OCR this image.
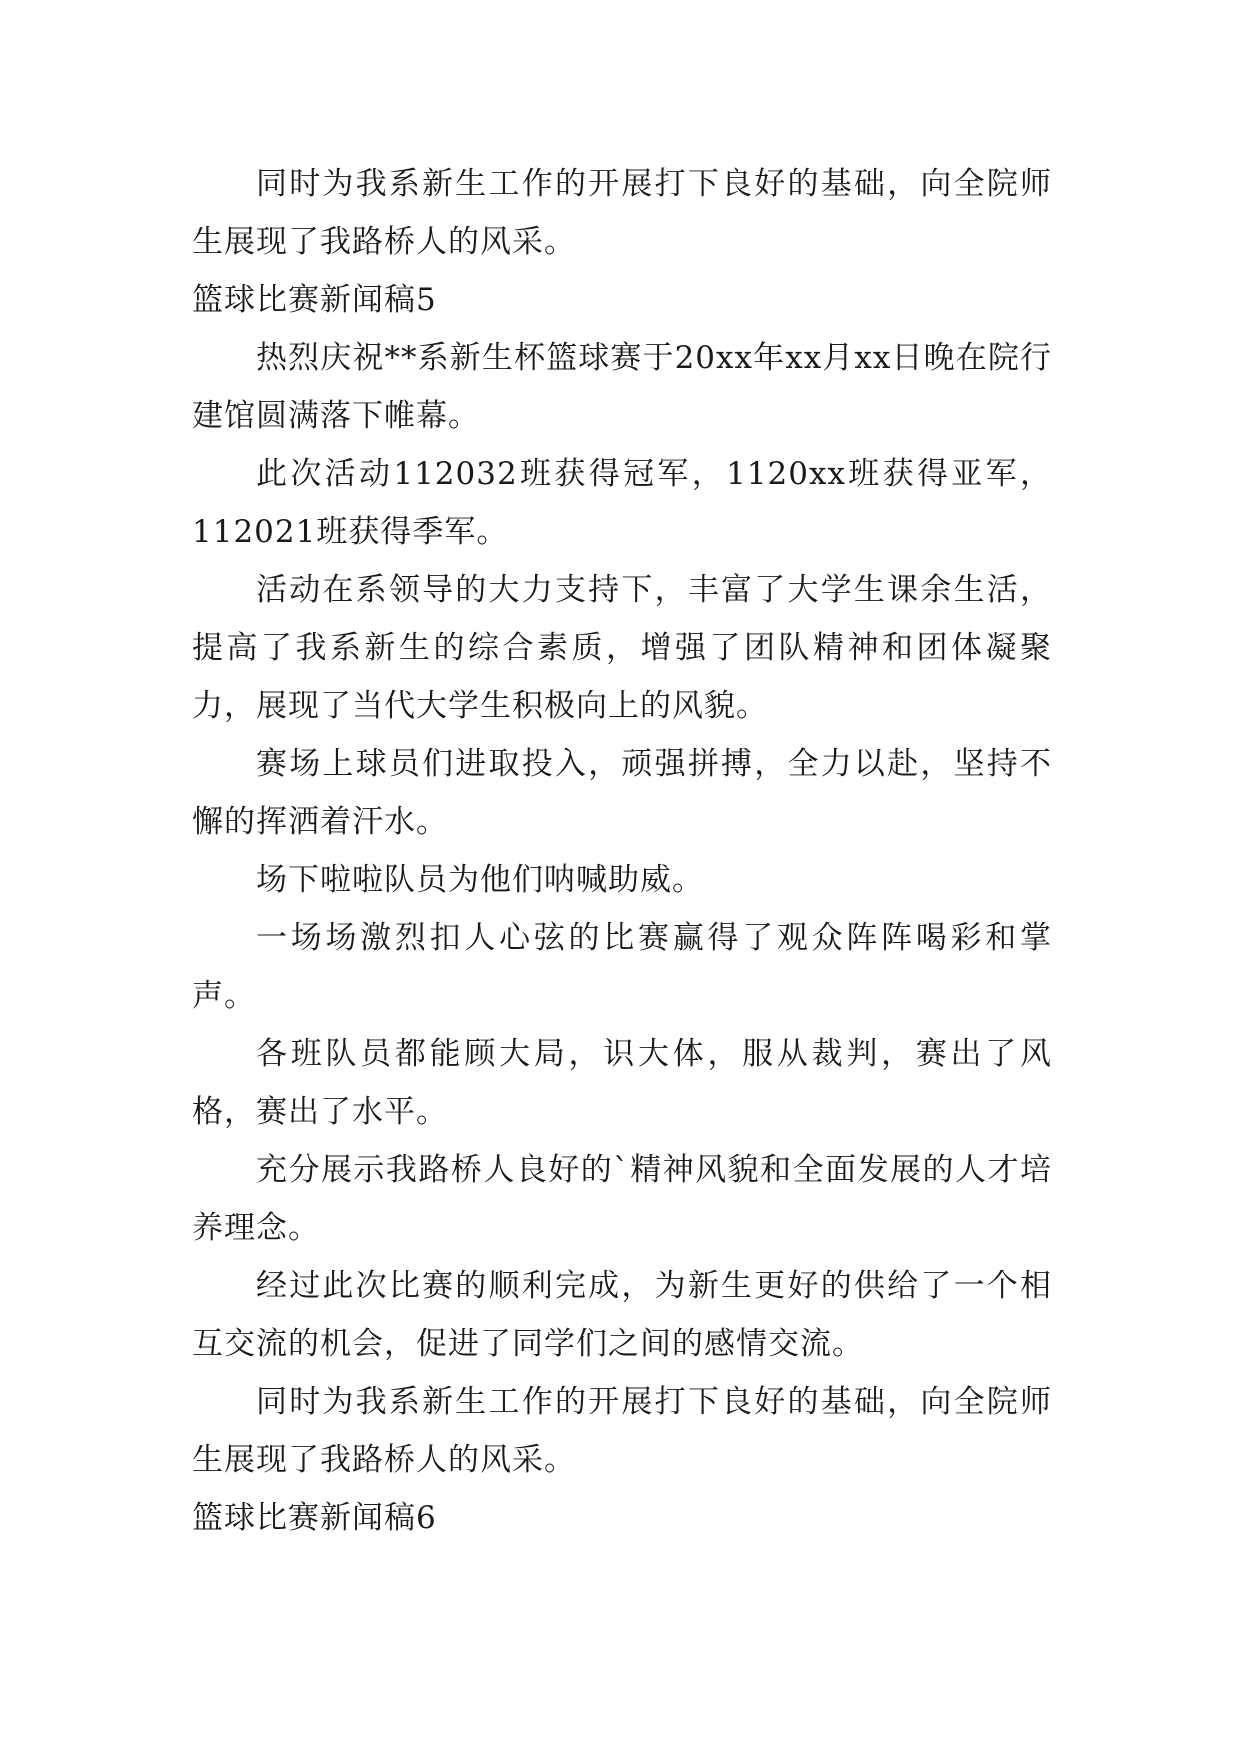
同时为我系新生工作的开展打下良好的基础，向全院师生展现了我路桥人的风采。

篮球比赛新闻稿5

热烈庆祝**系新生杯篮球赛于20xx年xx月xx日晚在院行建馆圆满落下帷幕。

此次活动112032班获得冠军，1120xx班获得亚军，112021班获得季军。

活动在系领导的大力支持下，丰富了大学生课余生活，提高了我系新生的综合素质，增强了团队精神和团体凝聚力，展现了当代大学生积极向上的风貌。

赛场上球员们进取投入，顽强拼搏，全力以赴，坚持不懈的挥洒着汗水。

场下啦啦队员为他们呐喊助威。

一场场激烈扣人心弦的比赛赢得了观众阵阵喝彩和掌声。

各班队员都能顾大局，识大体，服从裁判，赛出了风格，赛出了水平。

充分展示我路桥人良好的`精神风貌和全面发展的人才培养理念。

经过此次比赛的顺利完成，为新生更好的供给了一个相互交流的机会，促进了同学们之间的感情交流。

同时为我系新生工作的开展打下良好的基础，向全院师生展现了我路桥人的风采。

篮球比赛新闻稿6
